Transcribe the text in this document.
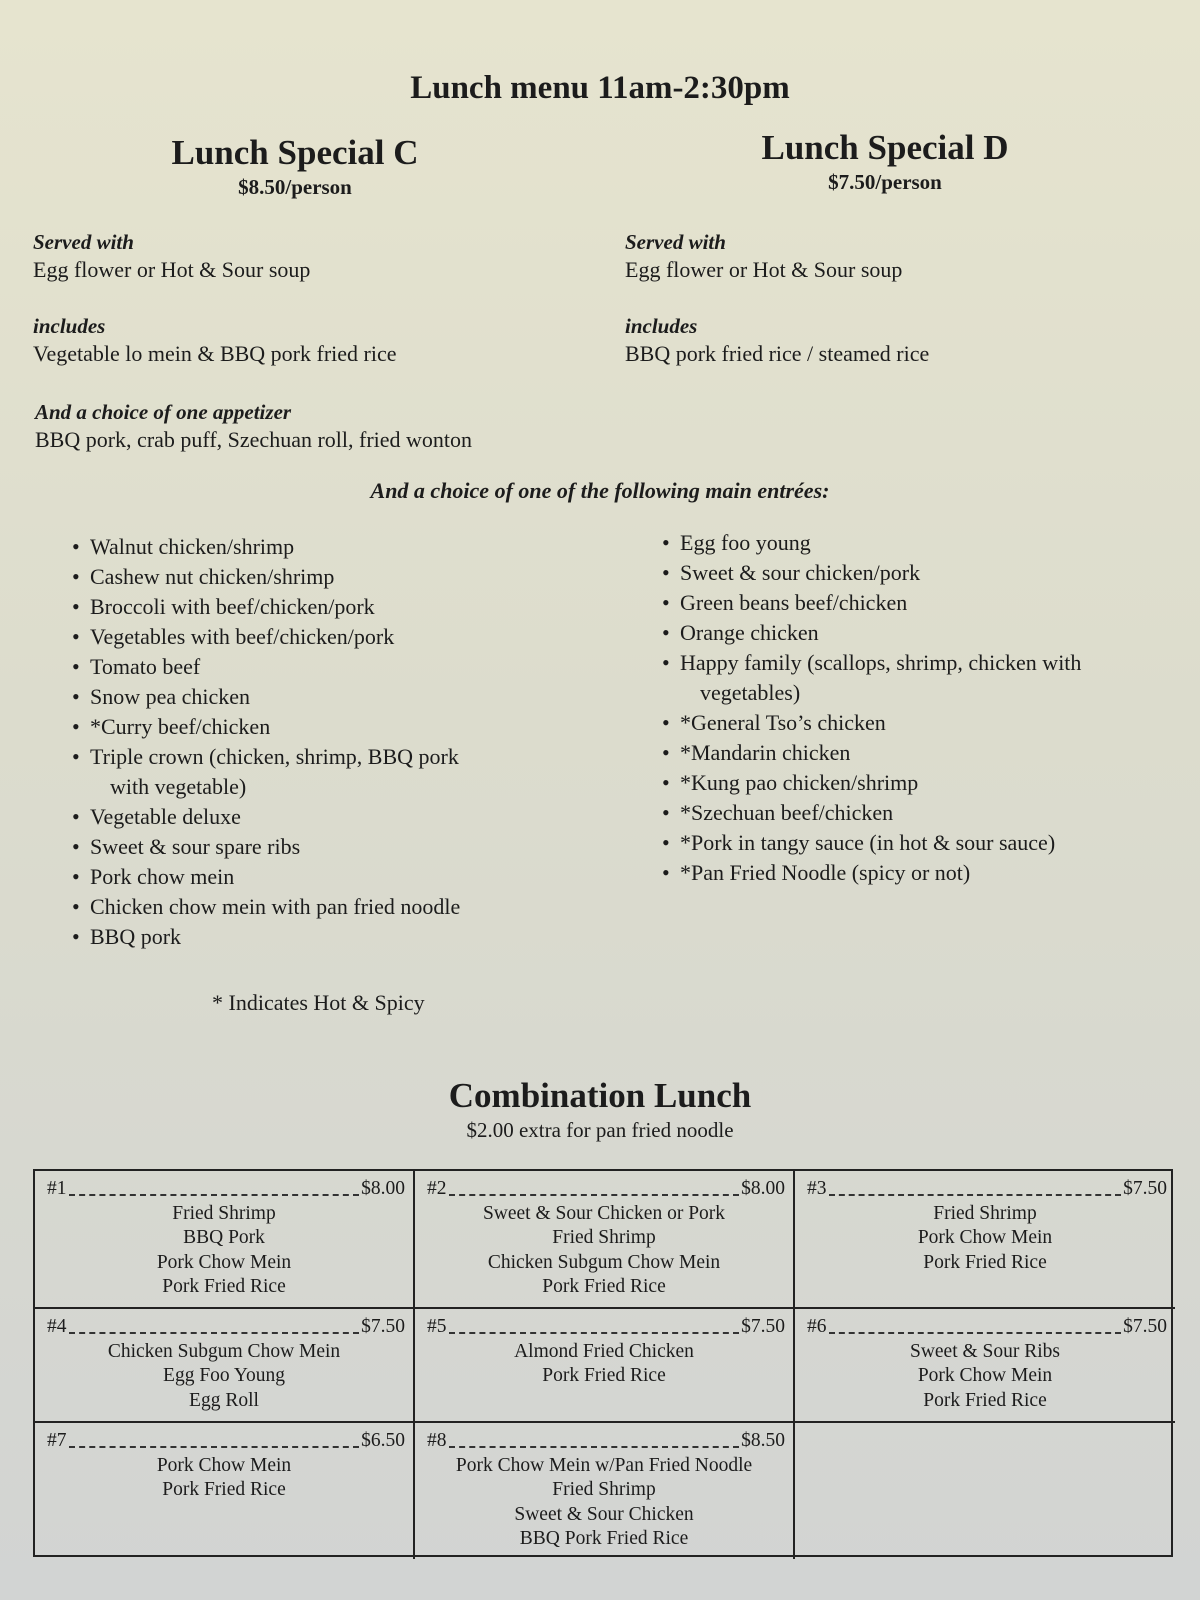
Lunch menu 11am-2:30pm
Lunch Special C
$8.50/person
Lunch Special D
$7.50/person
Served with
Egg flower or Hot & Sour soup
includes
Vegetable lo mein & BBQ pork fried rice
And a choice of one appetizer
BBQ pork, crab puff, Szechuan roll, fried wonton
Served with
Egg flower or Hot & Sour soup
includes
BBQ pork fried rice / steamed rice
And a choice of one of the following main entrées:
• Walnut chicken/shrimp
• Cashew nut chicken/shrimp
• Broccoli with beef/chicken/pork
• Vegetables with beef/chicken/pork
• Tomato beef
• Snow pea chicken
• *Curry beef/chicken
• Triple crown (chicken, shrimp, BBQ pork
with vegetable)
• Vegetable deluxe
• Sweet & sour spare ribs
• Pork chow mein
• Chicken chow mein with pan fried noodle
• BBQ pork
• Egg foo young
• Sweet & sour chicken/pork
• Green beans beef/chicken
• Orange chicken
• Happy family (scallops, shrimp, chicken with
vegetables)
• *General Tso’s chicken
• *Mandarin chicken
• *Kung pao chicken/shrimp
• *Szechuan beef/chicken
• *Pork in tangy sauce (in hot & sour sauce)
• *Pan Fried Noodle (spicy or not)
* Indicates Hot & Spicy
Combination Lunch
$2.00 extra for pan fried noodle
#1	$8.00
Fried Shrimp
BBQ Pork
Pork Chow Mein
Pork Fried Rice
#2	$8.00
Sweet & Sour Chicken or Pork
Fried Shrimp
Chicken Subgum Chow Mein
Pork Fried Rice
#3	$7.50
Fried Shrimp
Pork Chow Mein
Pork Fried Rice
#4	$7.50
Chicken Subgum Chow Mein
Egg Foo Young
Egg Roll
#5	$7.50
Almond Fried Chicken
Pork Fried Rice
#6	$7.50
Sweet & Sour Ribs
Pork Chow Mein
Pork Fried Rice
#7	$6.50
Pork Chow Mein
Pork Fried Rice
#8	$8.50
Pork Chow Mein w/Pan Fried Noodle
Fried Shrimp
Sweet & Sour Chicken
BBQ Pork Fried Rice
